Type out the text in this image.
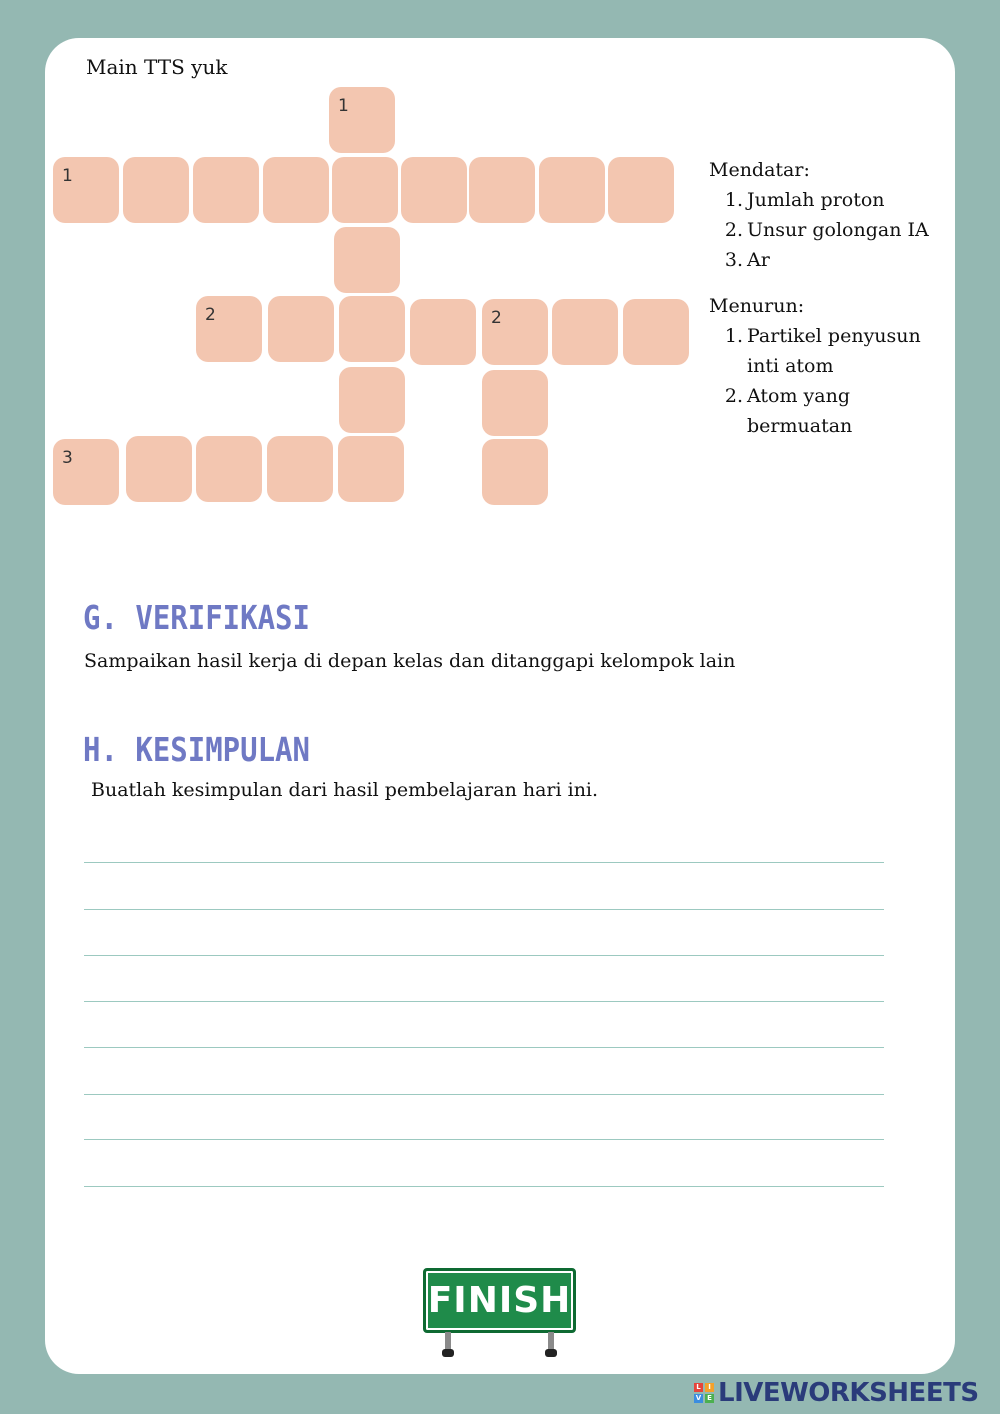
Main TTS yuk
1
1
2	2
3
Mendatar:
1. Jumlah proton
2. Unsur golongan IA
3. Ar
Menurun:
1. Partikel penyusun inti atom
2. Atom yang bermuatan
G. VERIFIKASI
Sampaikan hasil kerja di depan kelas dan ditanggapi kelompok lain
H. KESIMPULAN
Buatlah kesimpulan dari hasil pembelajaran hari ini.
FINISH
L	I
V E LIVEWORKSHEETS
